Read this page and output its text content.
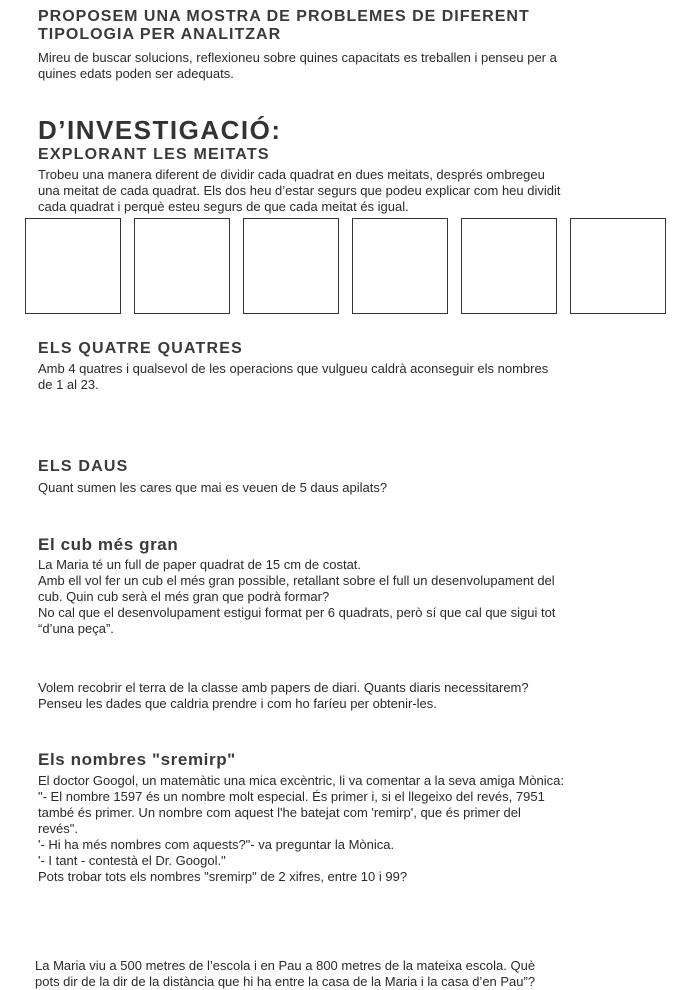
PROPOSEM UNA MOSTRA DE PROBLEMES DE DIFERENT
TIPOLOGIA PER ANALITZAR
Mireu de buscar solucions, reflexioneu sobre quines capacitats es treballen i penseu per a
quines edats poden ser adequats.
D’INVESTIGACIÓ:
EXPLORANT LES MEITATS
Trobeu una manera diferent de dividir cada quadrat en dues meitats, després ombregeu
una meitat de cada quadrat. Els dos heu d’estar segurs que podeu explicar com heu dividit
cada quadrat i perquè esteu segurs de que cada meitat és igual.
ELS QUATRE QUATRES
Amb 4 quatres i qualsevol de les operacions que vulgueu caldrà aconseguir els nombres
de 1 al 23.
ELS DAUS
Quant sumen les cares que mai es veuen de 5 daus apilats?
El cub més gran
La Maria té un full de paper quadrat de 15 cm de costat.
Amb ell vol fer un cub el més gran possible, retallant sobre el full un desenvolupament del
cub. Quin cub serà el més gran que podrà formar?
No cal que el desenvolupament estigui format per 6 quadrats, però sí que cal que sigui tot
“d’una peça”.
Volem recobrir el terra de la classe amb papers de diari. Quants diaris necessitarem?
Penseu les dades que caldria prendre i com ho faríeu per obtenir-les.
Els nombres "sremirp"
El doctor Googol, un matemàtic una mica excèntric, li va comentar a la seva amiga Mònica:
"- El nombre 1597 és un nombre molt especial. És primer i, si el llegeixo del revés, 7951
també és primer. Un nombre com aquest l'he batejat com 'remirp', que és primer del
revés".
'- Hi ha més nombres com aquests?"- va preguntar la Mònica.
'- I tant - contestà el Dr. Googol."
Pots trobar tots els nombres "sremirp" de 2 xifres, entre 10 i 99?
La Maria viu a 500 metres de l’escola i en Pau a 800 metres de la mateixa escola. Què
pots dir de la dir de la distància que hi ha entre la casa de la Maria i la casa d’en Pau”?
